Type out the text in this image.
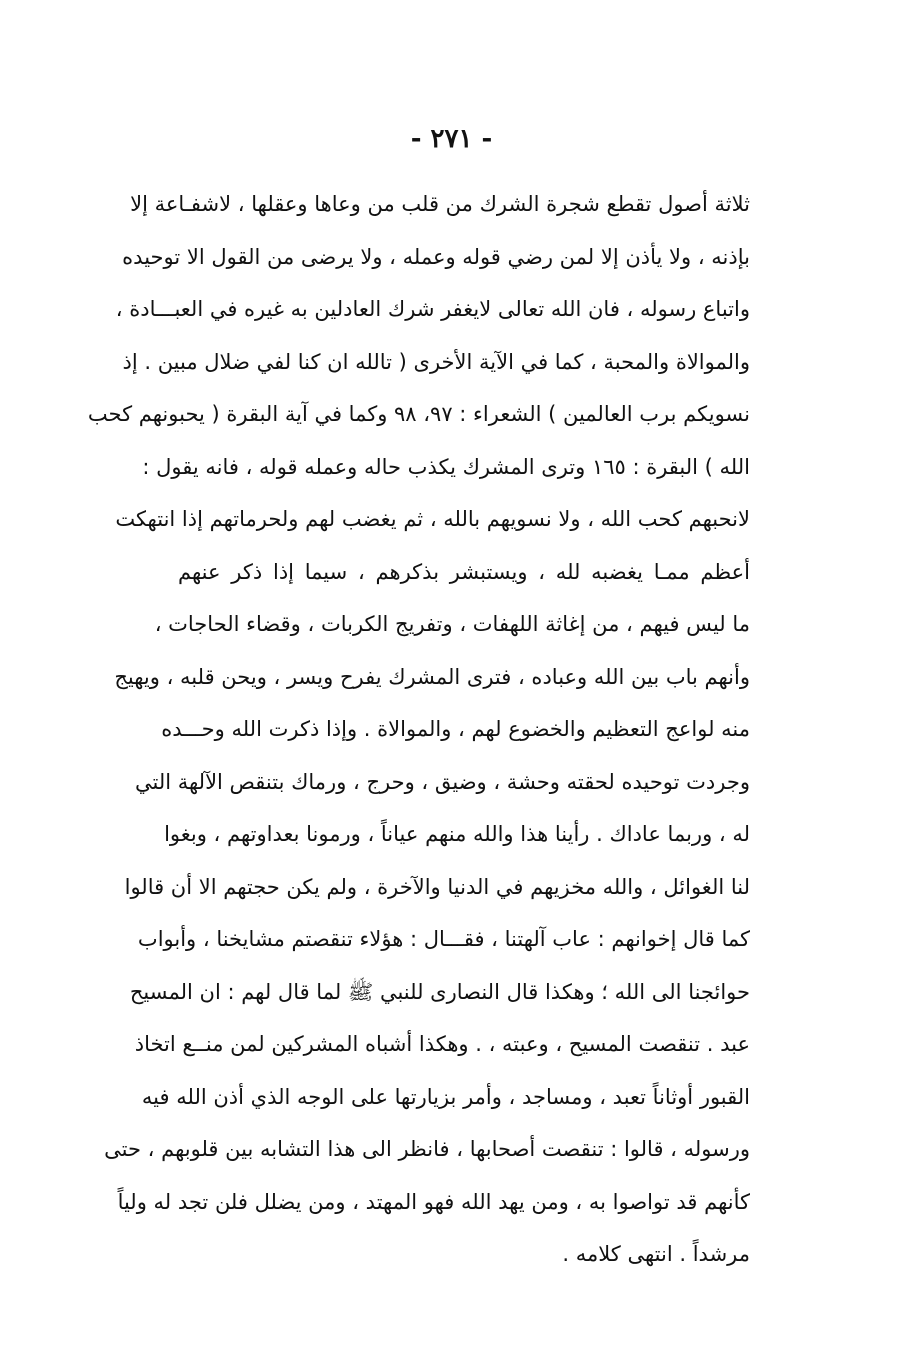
- ٢٧١ -
ثلاثة أصول تقطع شجرة الشرك من قلب من وعاها وعقلها ، لاشفـاعة إلا
بإذنه ، ولا يأذن إلا لمن رضي قوله وعمله ، ولا يرضى من القول الا توحيده
واتباع رسوله ، فان الله تعالى لايغفر شرك العادلين به غيره في العبـــادة ،
والموالاة والمحبة ، كما في الآية الأخرى ( تالله ان كنا لفي ضلال مبين . إذ
نسويكم برب العالمين ) الشعراء : ٩٧، ٩٨ وكما في آية البقرة ( يحبونهم كحب
الله ) البقرة : ١٦٥ وترى المشرك يكذب حاله وعمله قوله ، فانه يقول :
لانحبهم كحب الله ، ولا نسويهم بالله ، ثم يغضب لهم ولحرماتهم إذا انتهكت
أعظم ممـا يغضبه لله ، ويستبشر بذكرهم ، سيما إذا ذكر عنهم
ما ليس فيهم ، من إغاثة اللهفات ، وتفريج الكربات ، وقضاء الحاجات ،
وأنهم باب بين الله وعباده ، فترى المشرك يفرح ويسر ، ويحن قلبه ، ويهيج
منه لواعج التعظيم والخضوع لهم ، والموالاة . وإذا ذكرت الله وحـــده
وجردت توحيده لحقته وحشة ، وضيق ، وحرج ، ورماك بتنقص الآلهة التي
له ، وربما عاداك . رأينا هذا والله منهم عياناً ، ورمونا بعداوتهم ، وبغوا
لنا الغوائل ، والله مخزيهم في الدنيا والآخرة ، ولم يكن حجتهم الا أن قالوا
كما قال إخوانهم : عاب آلهتنا ، فقـــال : هؤلاء تنقصتم مشايخنا ، وأبواب
حوائجنا الى الله ؛ وهكذا قال النصارى للنبي ﷺ لما قال لهم : ان المسيح
عبد . تنقصت المسيح ، وعبته ، . وهكذا أشباه المشركين لمن منــع اتخاذ
القبور أوثاناً تعبد ، ومساجد ، وأمر بزيارتها على الوجه الذي أذن الله فيه
ورسوله ، قالوا : تنقصت أصحابها ، فانظر الى هذا التشابه بين قلوبهم ، حتى
كأنهم قد تواصوا به ، ومن يهد الله فهو المهتد ، ومن يضلل فلن تجد له ولياً
مرشداً . انتهى كلامه .
